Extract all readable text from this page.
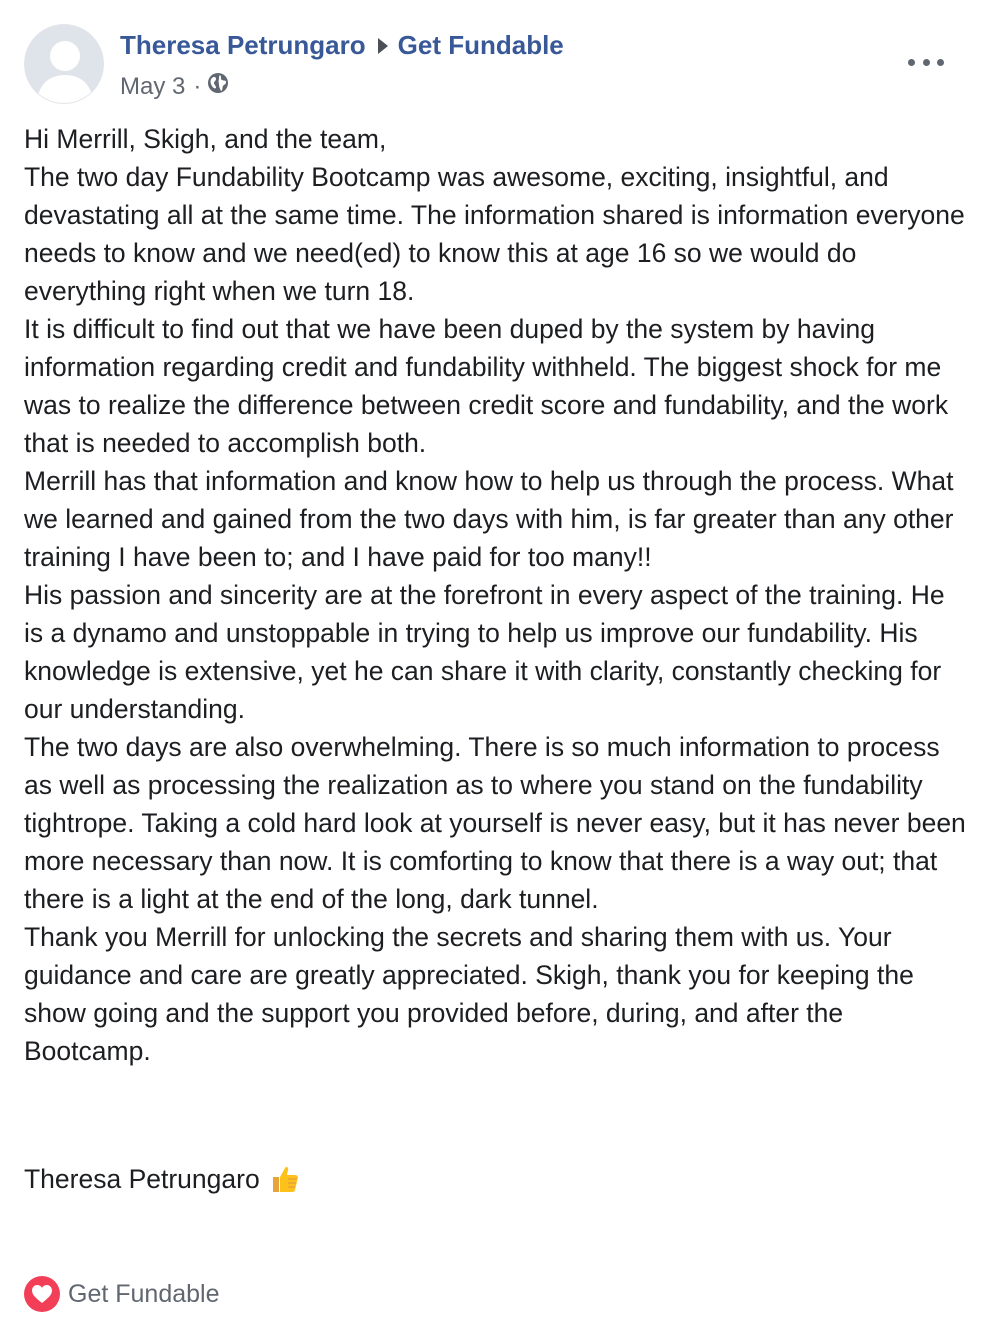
Theresa Petrungaro Get Fundable
May 3 ·

Hi Merrill, Skigh, and the team,

The two day Fundability Bootcamp was awesome, exciting, insightful, and devastating all at the same time. The information shared is information everyone needs to know and we need(ed) to know this at age 16 so we would do everything right when we turn 18.

It is difficult to find out that we have been duped by the system by having information regarding credit and fundability withheld. The biggest shock for me was to realize the difference between credit score and fundability, and the work that is needed to accomplish both.

Merrill has that information and know how to help us through the process. What we learned and gained from the two days with him, is far greater than any other training I have been to; and I have paid for too many!!

His passion and sincerity are at the forefront in every aspect of the training. He is a dynamo and unstoppable in trying to help us improve our fundability. His knowledge is extensive, yet he can share it with clarity, constantly checking for our understanding.

The two days are also overwhelming. There is so much information to process as well as processing the realization as to where you stand on the fundability tightrope. Taking a cold hard look at yourself is never easy, but it has never been more necessary than now. It is comforting to know that there is a way out; that there is a light at the end of the long, dark tunnel.

Thank you Merrill for unlocking the secrets and sharing them with us. Your guidance and care are greatly appreciated. Skigh, thank you for keeping the show going and the support you provided before, during, and after the Bootcamp.

Theresa Petrungaro
Get Fundable
